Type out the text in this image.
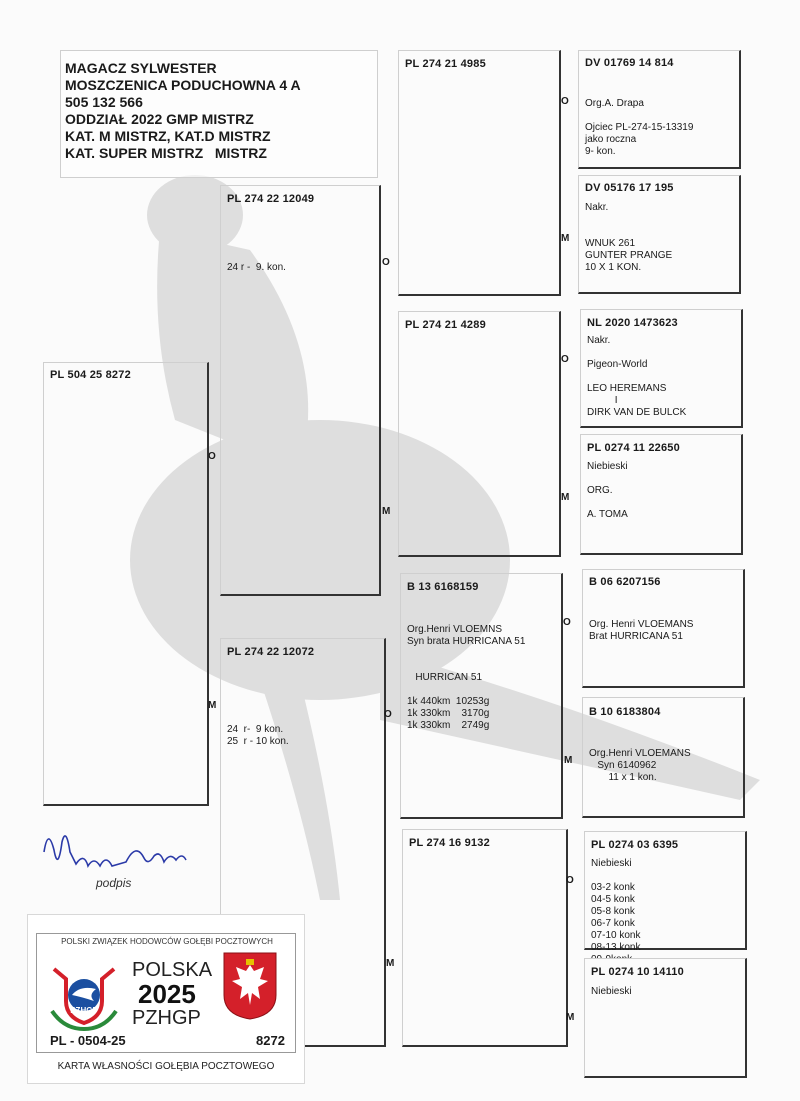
MAGACZ SYLWESTER
MOSZCZENICA PODUCHOWNA 4 A
505 132 566
ODDZIAŁ 2022 GMP MISTRZ
KAT. M MISTRZ, KAT.D MISTRZ
KAT. SUPER MISTRZ   MISTRZ
PL 504 25 8272
O
M
PL 274 22 12049
24 r -  9. kon.	O
M
PL 274 22 12072
24  r-  9 kon.
25  r - 10 kon.
O
M
PL 274 21 4985
O
M
PL 274 21 4289
O
M
B 13 6168159
Org.Henri VLOEMNS
Syn brata HURRICANA 51

HURRICAN 51

1k 440km  10253g
1k 330km    3170g
1k 330km    2749g
O
M
PL 274 16 9132
O
M
DV 01769 14 814
Org.A. Drapa

Ojciec PL-274-15-13319
jako roczna
9- kon.
DV 05176 17 195
Nakr.

WNUK 261
GUNTER PRANGE
10 X 1 KON.
NL 2020 1473623
Nakr.

Pigeon-World

LEO HEREMANS
I
DIRK VAN DE BULCK
PL 0274 11 22650
Niebieski

ORG.

A. TOMA
B 06 6207156
Org. Henri VLOEMANS
Brat HURRICANA 51
B 10 6183804
Org.Henri VLOEMANS
Syn 6140962
11 x 1 kon.
PL 0274 03 6395
Niebieski

03-2 konk
04-5 konk
05-8 konk
06-7 konk
07-10 konk
08-13 konk

PL 0274 10 14110
Niebieski
podpis
POLSKI ZWIĄZEK HODOWCÓW GOŁĘBI POCZTOWYCH
PZHGP
POLSKA
2025
PZHGP
PL - 0504-25	8272
KARTA WŁASNOŚCI GOŁĘBIA POCZTOWEGO
